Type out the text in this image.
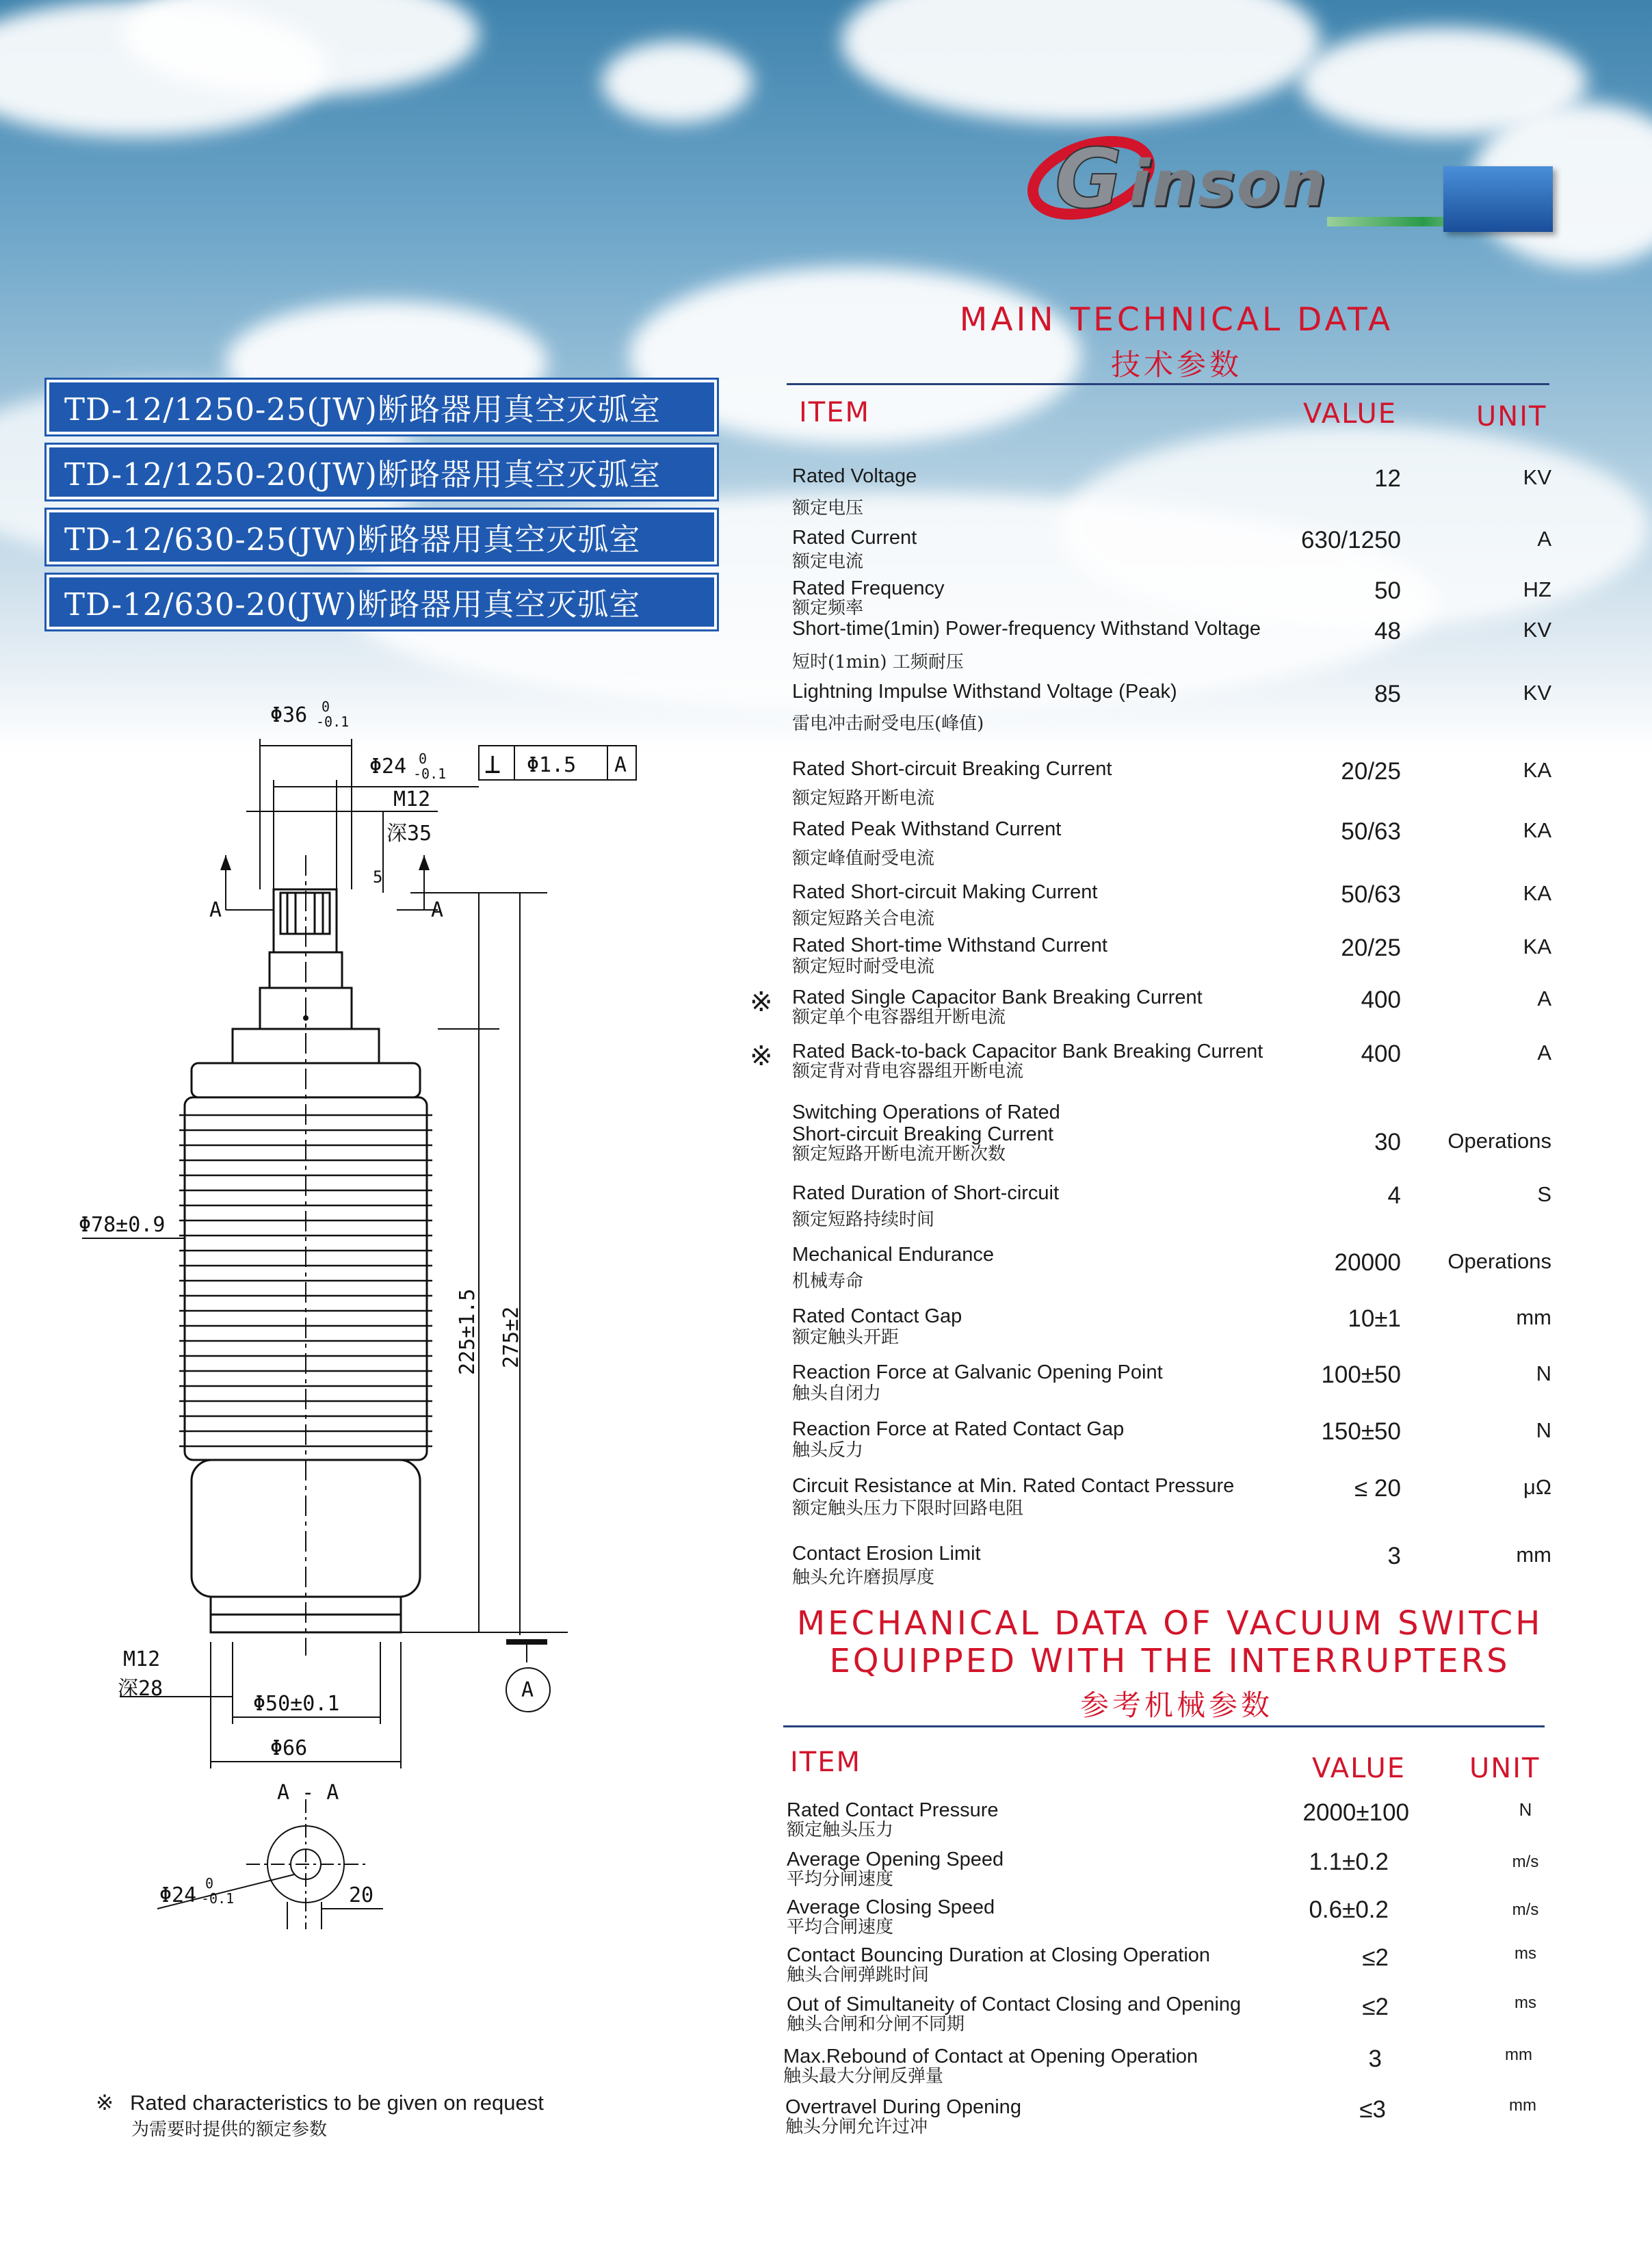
G inson
MAIN TECHNICAL DATA
技术参数
TD-12/1250-25(JW)断路器用真空灭弧室
TD-12/1250-20(JW)断路器用真空灭弧室
TD-12/630-25(JW)断路器用真空灭弧室
TD-12/630-20(JW)断路器用真空灭弧室
ITEM	VALUE	UNIT
Rated Voltage
额定电压
12	KV
Rated Current
额定电流
630/1250	A
Rated Frequency
额定频率
50	HZ
Short-time(1min) Power-frequency Withstand Voltage
短时(1min) 工频耐压
48	KV
Lightning Impulse Withstand Voltage (Peak)
雷电冲击耐受电压(峰值)
85	KV
Rated Short-circuit Breaking Current
额定短路开断电流
20/25	KA
Rated Peak Withstand Current
额定峰值耐受电流
50/63	KA
Rated Short-circuit Making Current
额定短路关合电流
50/63	KA
Rated Short-time Withstand Current
额定短时耐受电流
20/25	KA
※ Rated Single Capacitor Bank Breaking Current
额定单个电容器组开断电流
400	A
※ Rated Back-to-back Capacitor Bank Breaking Current
额定背对背电容器组开断电流
400	A
Switching Operations of Rated
Short-circuit Breaking Current
额定短路开断电流开断次数	30	Operations
Rated Duration of Short-circuit
额定短路持续时间
4	S
Mechanical Endurance
机械寿命
20000	Operations
Rated Contact Gap
额定触头开距
10±1	mm
Reaction Force at Galvanic Opening Point
触头自闭力
100±50	N
Reaction Force at Rated Contact Gap
触头反力
150±50	N
Circuit Resistance at Min. Rated Contact Pressure
额定触头压力下限时回路电阻
≤ 20	μΩ
Contact Erosion Limit
触头允许磨损厚度
3	mm
MECHANICAL DATA OF VACUUM SWITCH
EQUIPPED WITH THE INTERRUPTERS
参考机械参数
ITEM	VALUE UNIT
Rated Contact Pressure
额定触头压力
2000±100	N
Average Opening Speed
平均分闸速度
1.1±0.2	m/s
Average Closing Speed
平均合闸速度
0.6±0.2	m/s
Contact Bouncing Duration at Closing Operation
触头合闸弹跳时间
≤2	ms
Out of Simultaneity of Contact Closing and Opening
触头合闸和分闸不同期
≤2	ms
Max.Rebound of Contact at Opening Operation
触头最大分闸反弹量
3	mm
Overtravel During Opening
触头分闸允许过冲
≤3	mm
Φ36 0
-0.1
Φ24 0
-0.1 ⊥ Φ1.5 A
M12
深35
5
A	A
Φ78±0.9
225±1.5 275±2
M12
深28	A
Φ50±0.1
Φ66
A - A
Φ24 0
-0.1	20
※ Rated characteristics to be given on request
为需要时提供的额定参数
